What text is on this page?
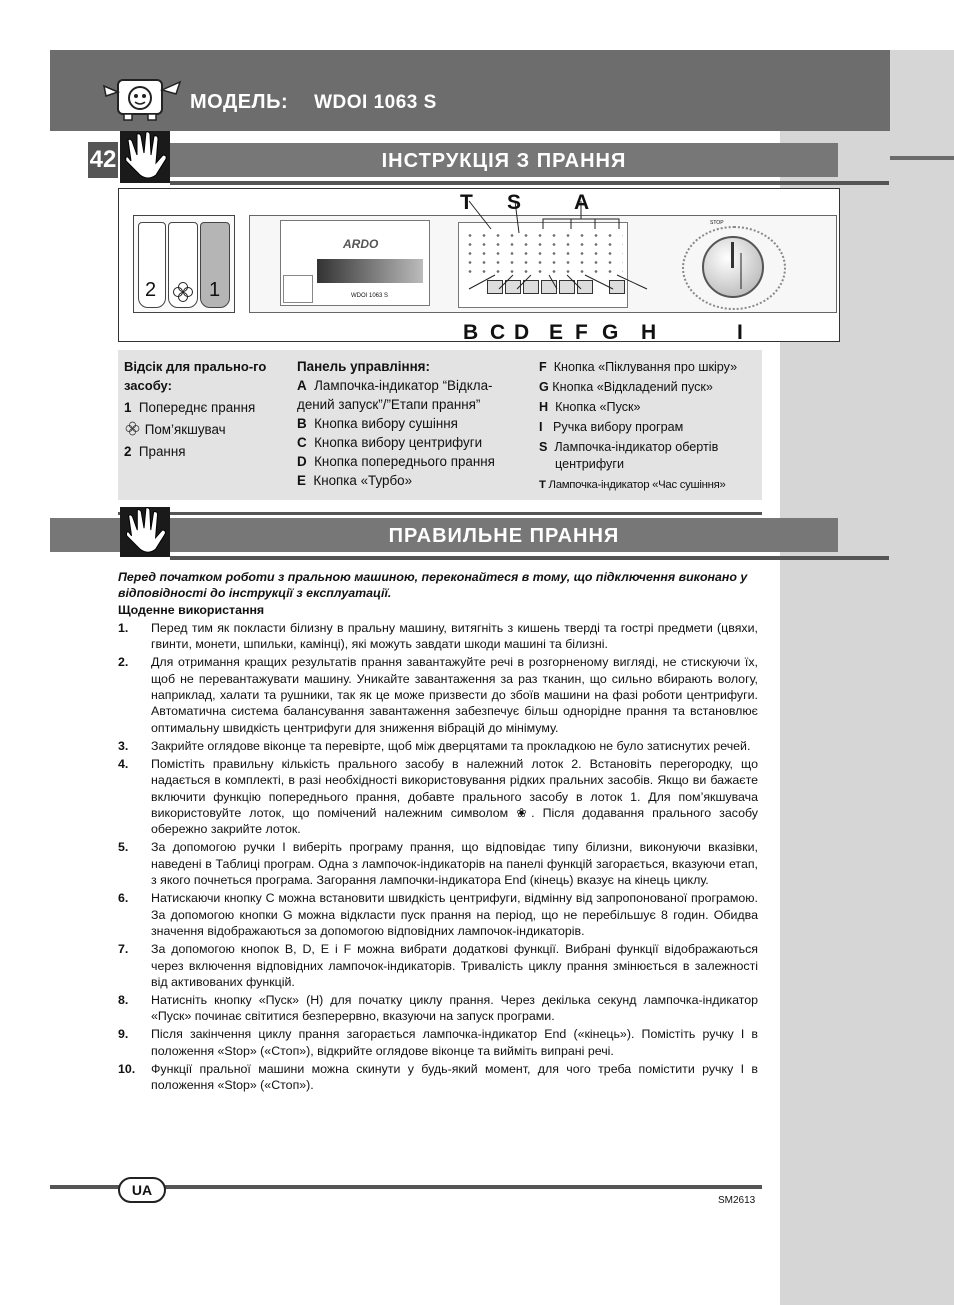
МОДЕЛЬ: WDOI 1063 S
42	ІНСТРУКЦІЯ З ПРАННЯ
2	1
ARDO
WDOI 1063 S
STOP
T S	A
B C D E F G H	I
Відсік для прально-го засобу:
1 Попереднє прання
Пом’якшувач
2 Прання
Панель управління:
A Лампочка-індикатор “Відкла-дений запуск”/”Етапи прання”
B Кнопка вибору сушіння
C Кнопка вибору центрифуги
D Кнопка попереднього прання
E Кнопка «Турбо»
F Кнопка «Піклування про шкіру»
G Кнопка «Відкладений пуск»
H Кнопка «Пуск»
I Ручка вибору програм
S Лампочка-індикатор обертів центрифуги
T Лампочка-індикатор «Час сушіння»
ПРАВИЛЬНЕ ПРАННЯ

Перед початком роботи з пральною машиною, переконайтеся в тому, що підключення виконано у відповідності до інструкції з експлуатації.

Щоденне використання

1. Перед тим як покласти білизну в пральну машину, витягніть з кишень тверді та гострі предмети (цвяхи, гвинти, монети, шпильки, камінці), які можуть завдати шкоди машині та білизні.
2. Для отримання кращих результатів прання завантажуйте речі в розгорненому вигляді, не стискуючи їх, щоб не перевантажувати машину. Уникайте завантаження за раз тканин, що сильно вбирають вологу, наприклад, халати та рушники, так як це може призвести до збоїв машини на фазі роботи центрифуги. Автоматична система балансування завантаження забезпечує більш однорідне прання та встановлює оптимальну швидкість центрифуги для зниження вібрацій до мінімуму.
3. Закрийте оглядове віконце та перевірте, щоб між дверцятами та прокладкою не було затиснутих речей.
4. Помістіть правильну кількість прального засобу в належний лоток 2. Встановіть перегородку, що надається в комплекті, в разі необхідності використовування рідких пральних засобів. Якщо ви бажаєте включити функцію попереднього прання, добавте прального засобу в лоток 1. Для пом’якшувача використовуйте лоток, що помічений належним символом ❀. Після додавання прального засобу обережно закрийте лоток.
5. За допомогою ручки I виберіть програму прання, що відповідає типу білизни, виконуючи вказівки, наведені в Таблиці програм. Одна з лампочок-індикаторів на панелі функцій загорається, вказуючи етап, з якого почнеться програма. Загорання лампочки-індикатора End (кінець) вказує на кінець циклу.
6. Натискаючи кнопку C можна встановити швидкість центрифуги, відмінну від запропонованої програмою. За допомогою кнопки G можна відкласти пуск прання на період, що не перебільшує 8 годин. Обидва значення відображаються за допомогою відповідних лампочок-індикаторів.
7. За допомогою кнопок B, D, E і F можна вибрати додаткові функції. Вибрані функції відображаються через включення відповідних лампочок-індикаторів. Тривалість циклу прання змінюється в залежності від активованих функцій.
8. Натисніть кнопку «Пуск» (H) для початку циклу прання. Через декілька секунд лампочка-індикатор «Пуск» починає світитися безперервно, вказуючи на запуск програми.
9. Після закінчення циклу прання загорається лампочка-індикатор End («кінець»). Помістіть ручку I в положення «Stop» («Стоп»), відкрийте оглядове віконце та вийміть випрані речі.
10. Функції пральної машини можна скинути у будь-який момент, для чого треба помістити ручку I в положення «Stop» («Стоп»).
UA
SM2613
